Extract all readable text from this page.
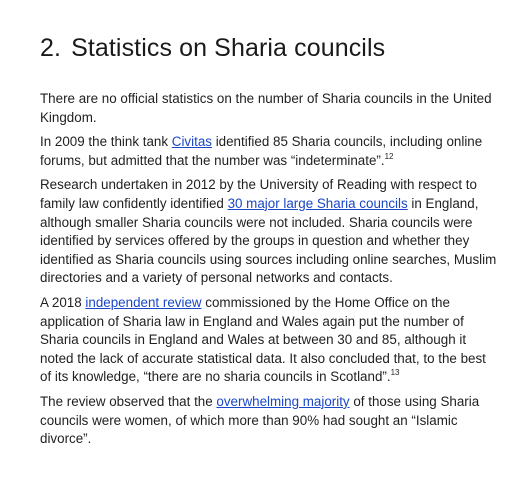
2. Statistics on Sharia councils

There are no official statistics on the number of Sharia councils in the United Kingdom.

In 2009 the think tank Civitas identified 85 Sharia councils, including online forums, but admitted that the number was “indeterminate”.$^{12}$

Research undertaken in 2012 by the University of Reading with respect to family law confidently identified 30 major large Sharia councils in England, although smaller Sharia councils were not included. Sharia councils were identified by services offered by the groups in question and whether they identified as Sharia councils using sources including online searches, Muslim directories and a variety of personal networks and contacts.

A 2018 independent review commissioned by the Home Office on the application of Sharia law in England and Wales again put the number of Sharia councils in England and Wales at between 30 and 85, although it noted the lack of accurate statistical data. It also concluded that, to the best of its knowledge, “there are no sharia councils in Scotland”.$^{13}$

The review observed that the overwhelming majority of those using Sharia councils were women, of which more than 90% had sought an “Islamic divorce”.
